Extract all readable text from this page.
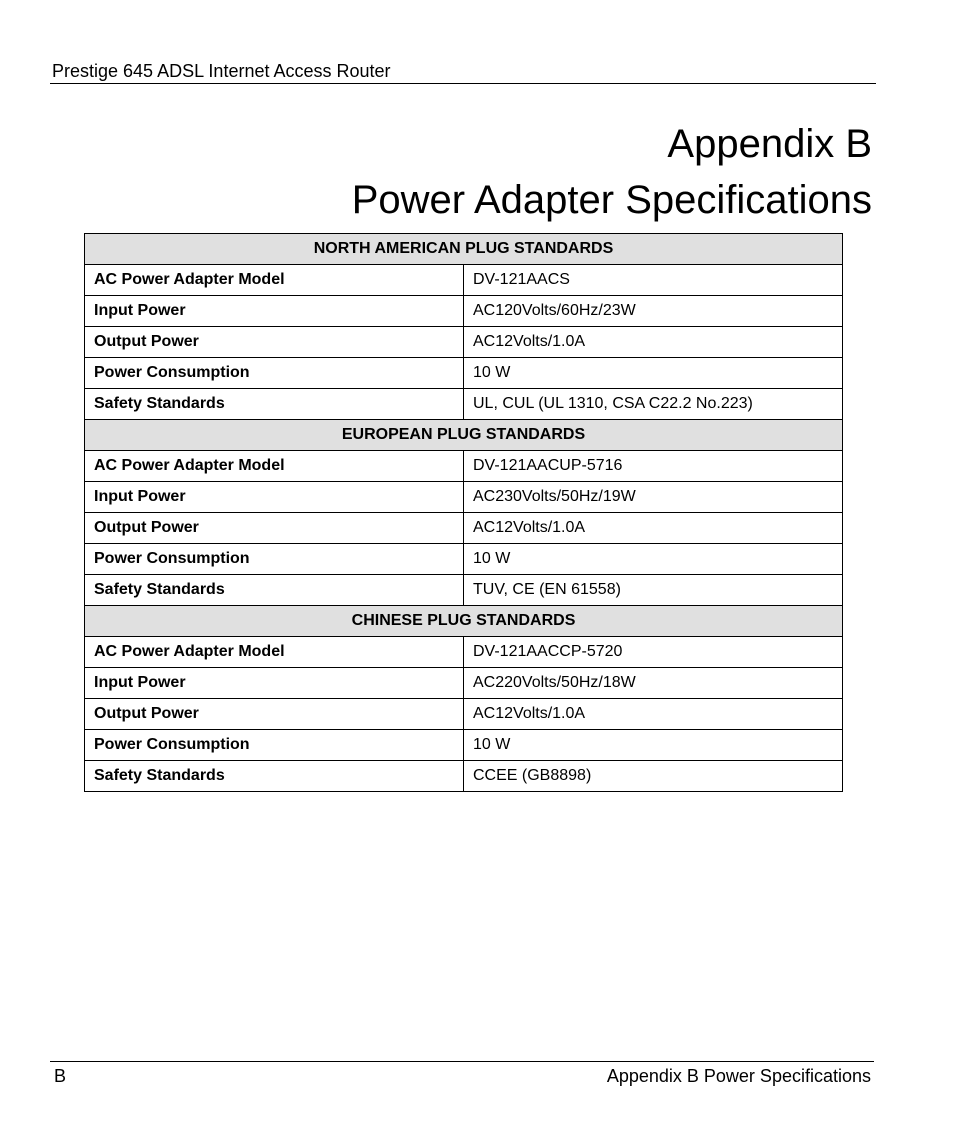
Prestige 645 ADSL Internet Access Router
Appendix B
Power Adapter Specifications
NORTH AMERICAN PLUG STANDARDS	
AC Power Adapter Model	DV-121AACS
Input Power	AC120Volts/60Hz/23W
Output Power	AC12Volts/1.0A
Power Consumption	10 W
Safety Standards	UL, CUL (UL 1310, CSA C22.2 No.223)
EUROPEAN PLUG STANDARDS	
AC Power Adapter Model	DV-121AACUP-5716
Input Power	AC230Volts/50Hz/19W
Output Power	AC12Volts/1.0A
Power Consumption	10 W
Safety Standards	TUV, CE (EN 61558)
CHINESE PLUG STANDARDS	
AC Power Adapter Model	DV-121AACCP-5720
Input Power	AC220Volts/50Hz/18W
Output Power	AC12Volts/1.0A
Power Consumption	10 W
Safety Standards	CCEE (GB8898)
B	Appendix B Power Specifications
